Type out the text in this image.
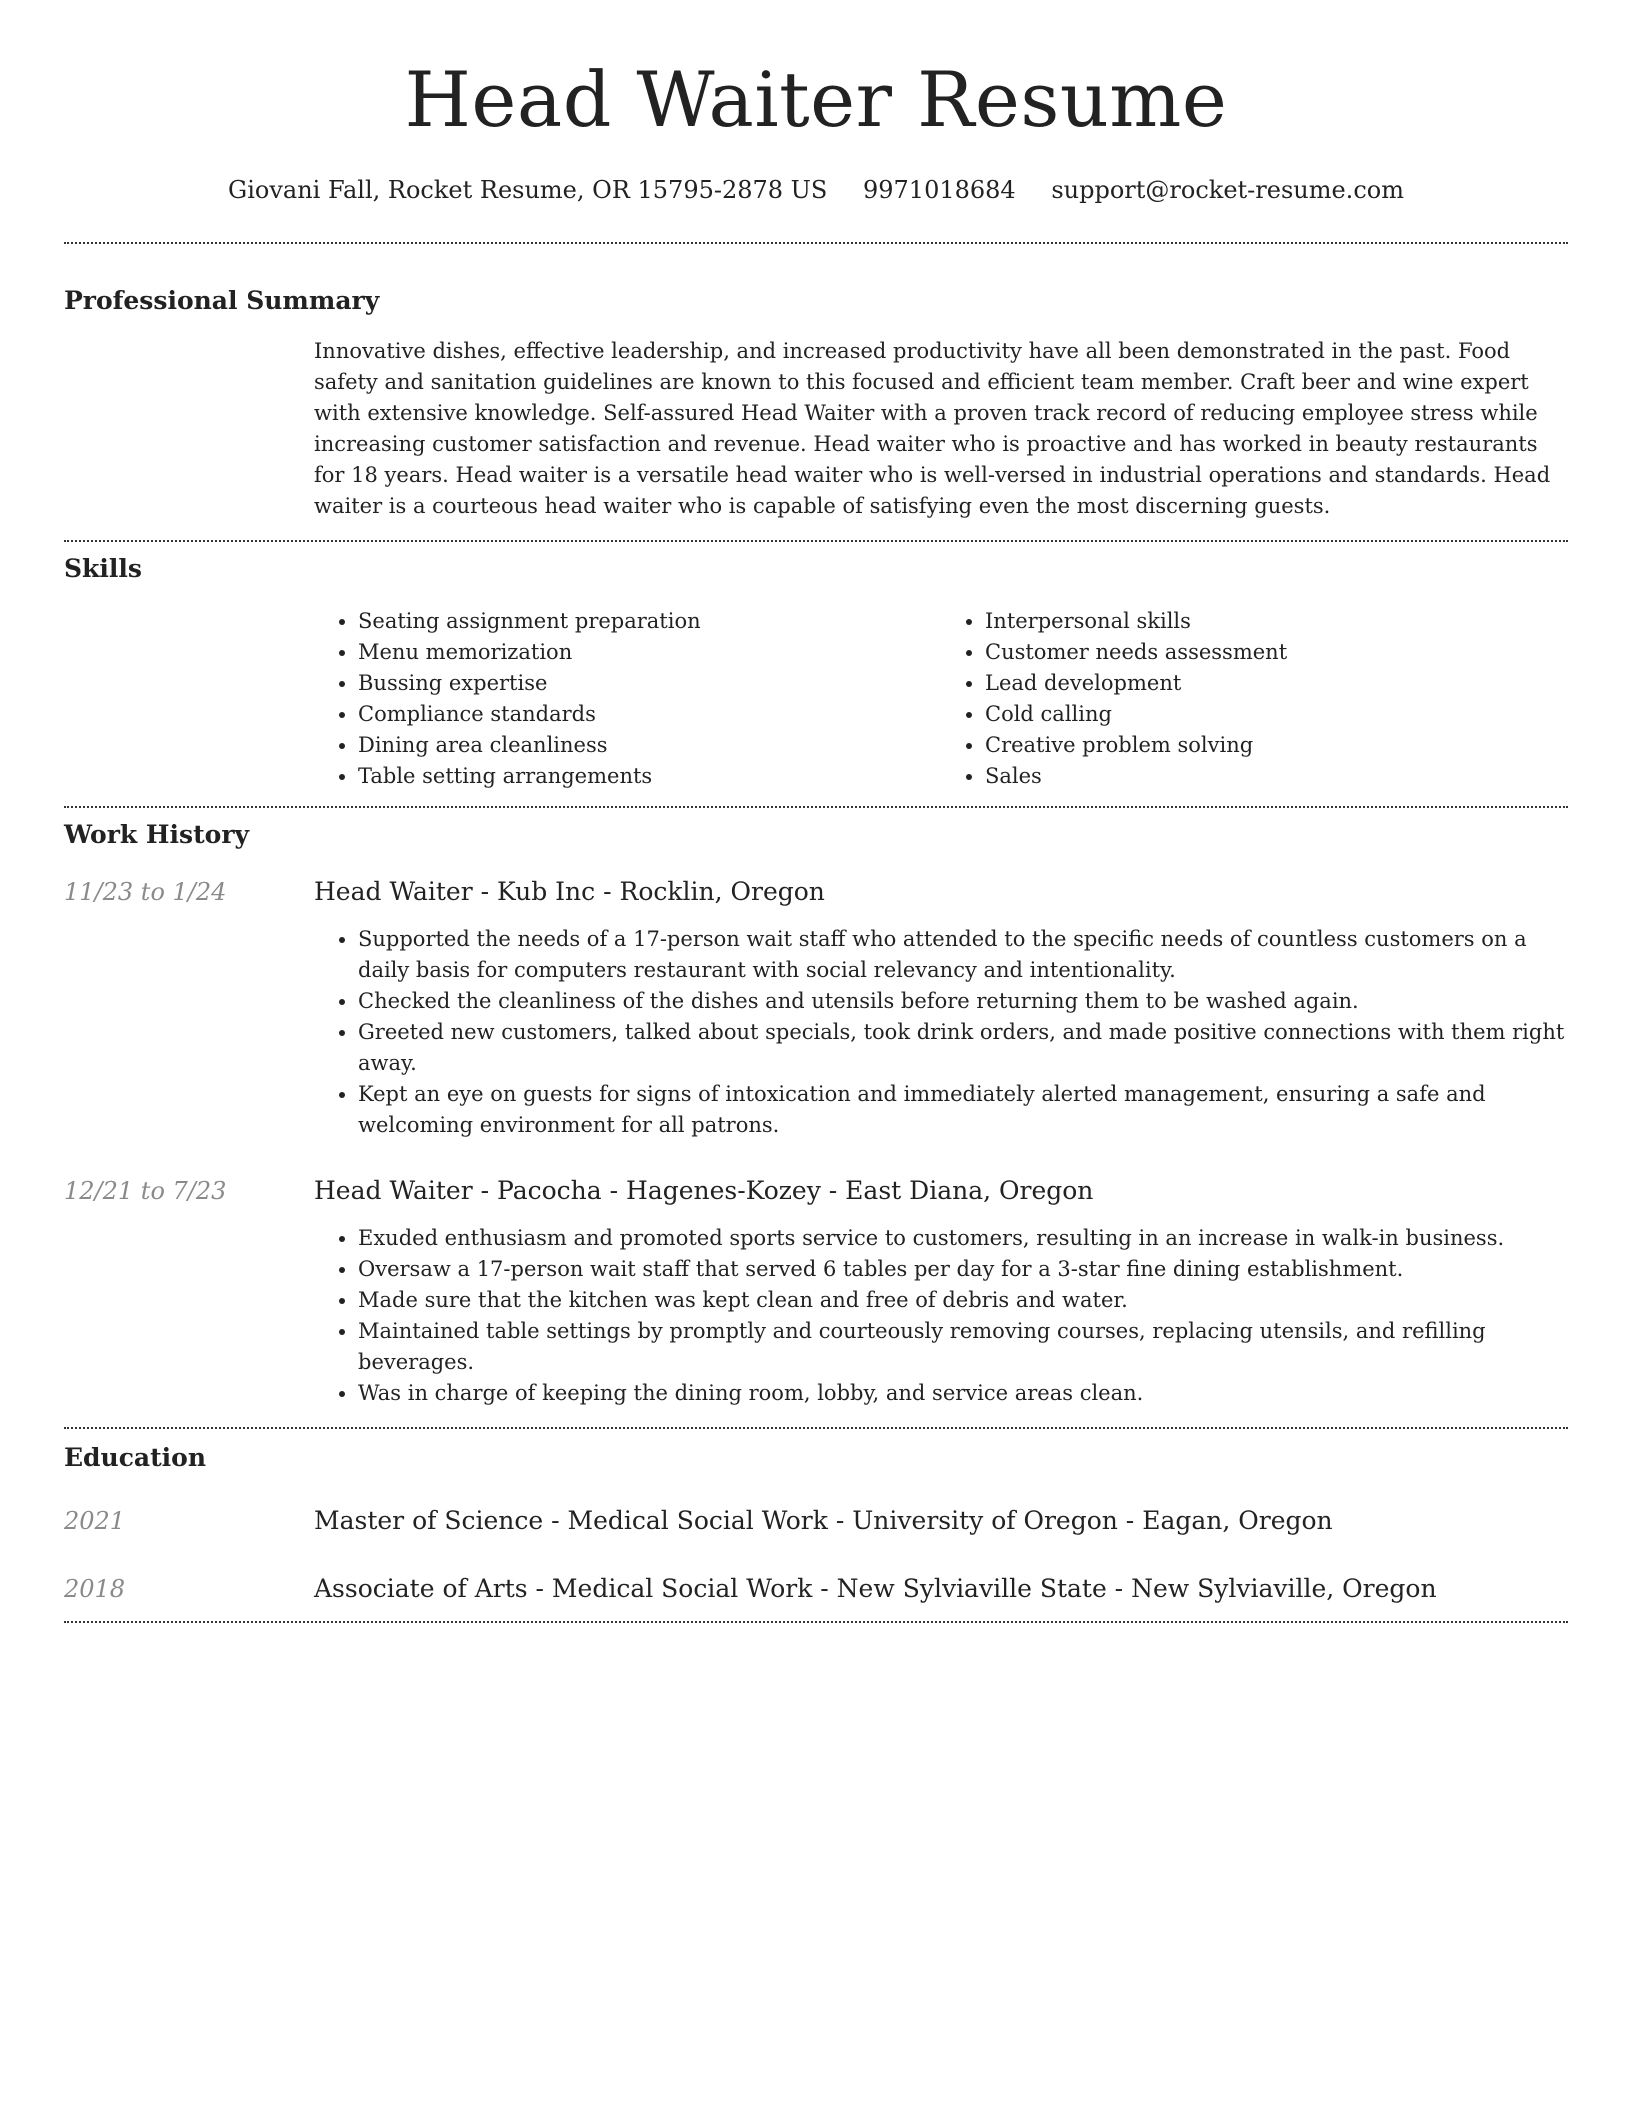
Head Waiter Resume
Giovani Fall, Rocket Resume, OR 15795-2878 US 9971018684 support@rocket-resume.com
Professional Summary

Innovative dishes, effective leadership, and increased productivity have all been demonstrated in the past. Food safety and sanitation guidelines are known to this focused and efficient team member. Craft beer and wine expert with extensive knowledge. Self-assured Head Waiter with a proven track record of reducing employee stress while increasing customer satisfaction and revenue. Head waiter who is proactive and has worked in beauty restaurants for 18 years. Head waiter is a versatile head waiter who is well-versed in industrial operations and standards. Head waiter is a courteous head waiter who is capable of satisfying even the most discerning guests.

Skills
• Seating assignment preparation
• Menu memorization
• Bussing expertise
• Compliance standards
• Dining area cleanliness
• Table setting arrangements
• Interpersonal skills
• Customer needs assessment
• Lead development
• Cold calling
• Creative problem solving
• Sales
Work History
11/23 to 1/24	Head Waiter - Kub Inc - Rocklin, Oregon
• Supported the needs of a 17-person wait staff who attended to the specific needs of countless customers on a daily basis for computers restaurant with social relevancy and intentionality.
• Checked the cleanliness of the dishes and utensils before returning them to be washed again.
• Greeted new customers, talked about specials, took drink orders, and made positive connections with them right away.
• Kept an eye on guests for signs of intoxication and immediately alerted management, ensuring a safe and welcoming environment for all patrons.
12/21 to 7/23	Head Waiter - Pacocha - Hagenes-Kozey - East Diana, Oregon
• Exuded enthusiasm and promoted sports service to customers, resulting in an increase in walk-in business.
• Oversaw a 17-person wait staff that served 6 tables per day for a 3-star fine dining establishment.
• Made sure that the kitchen was kept clean and free of debris and water.
• Maintained table settings by promptly and courteously removing courses, replacing utensils, and refilling beverages.
• Was in charge of keeping the dining room, lobby, and service areas clean.
Education
2021	Master of Science - Medical Social Work - University of Oregon - Eagan, Oregon
2018	Associate of Arts - Medical Social Work - New Sylviaville State - New Sylviaville, Oregon
